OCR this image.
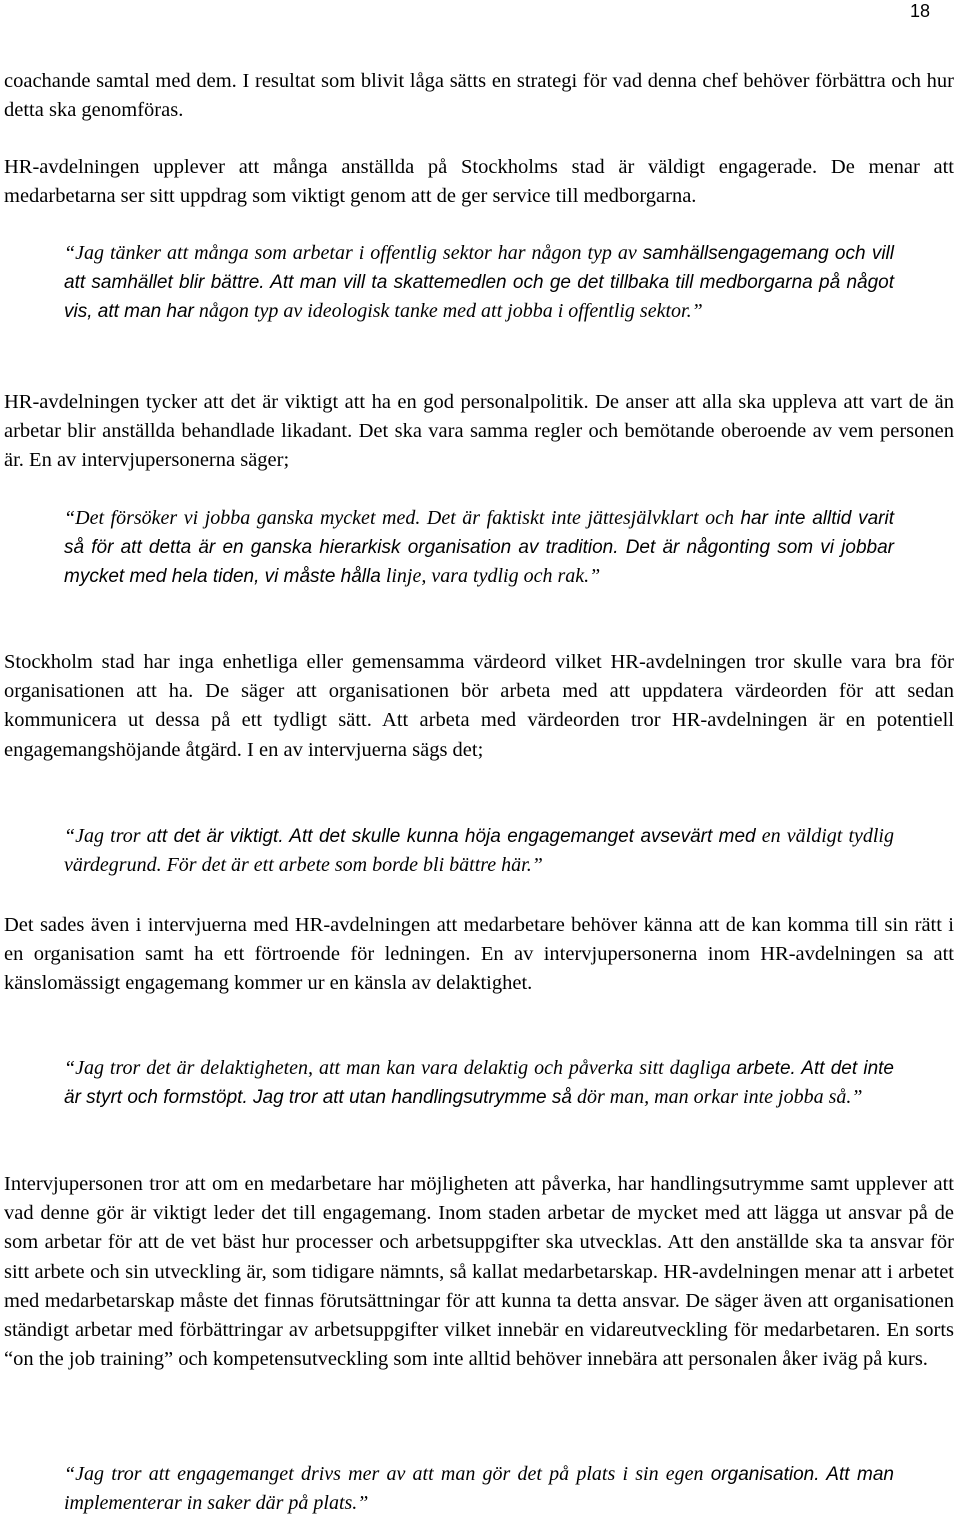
18

coachande samtal med dem. I resultat som blivit låga sätts en strategi för vad denna chef behöver förbättra och hur detta ska genomföras.

HR-avdelningen upplever att många anställda på Stockholms stad är väldigt engagerade. De menar att medarbetarna ser sitt uppdrag som viktigt genom att de ger service till medborgarna.

“Jag tänker att många som arbetar i offentlig sektor har någon typ av samhällsengagemang och vill att samhället blir bättre. Att man vill ta skattemedlen och ge det tillbaka till medborgarna på något vis, att man har någon typ av ideologisk tanke med att jobba i offentlig sektor.”

HR-avdelningen tycker att det är viktigt att ha en god personalpolitik. De anser att alla ska uppleva att vart de än arbetar blir anställda behandlade likadant. Det ska vara samma regler och bemötande oberoende av vem personen är. En av intervjupersonerna säger;

“Det försöker vi jobba ganska mycket med. Det är faktiskt inte jättesjälvklart och har inte alltid varit så för att detta är en ganska hierarkisk organisation av tradition. Det är någonting som vi jobbar mycket med hela tiden, vi måste hålla linje, vara tydlig och rak.”

Stockholm stad har inga enhetliga eller gemensamma värdeord vilket HR-avdelningen tror skulle vara bra för organisationen att ha. De säger att organisationen bör arbeta med att uppdatera värdeorden för att sedan kommunicera ut dessa på ett tydligt sätt. Att arbeta med värdeorden tror HR-avdelningen är en potentiell engagemangshöjande åtgärd. I en av intervjuerna sägs det;

“Jag tror att det är viktigt. Att det skulle kunna höja engagemanget avsevärt med en väldigt tydlig värdegrund. För det är ett arbete som borde bli bättre här.”

Det sades även i intervjuerna med HR-avdelningen att medarbetare behöver känna att de kan komma till sin rätt i en organisation samt ha ett förtroende för ledningen. En av intervjupersonerna inom HR-avdelningen sa att känslomässigt engagemang kommer ur en känsla av delaktighet.

“Jag tror det är delaktigheten, att man kan vara delaktig och påverka sitt dagliga arbete. Att det inte är styrt och formstöpt. Jag tror att utan handlingsutrymme så dör man, man orkar inte jobba så.”

Intervjupersonen tror att om en medarbetare har möjligheten att påverka, har handlingsutrymme samt upplever att vad denne gör är viktigt leder det till engagemang. Inom staden arbetar de mycket med att lägga ut ansvar på de som arbetar för att de vet bäst hur processer och arbetsuppgifter ska utvecklas. Att den anställde ska ta ansvar för sitt arbete och sin utveckling är, som tidigare nämnts, så kallat medarbetarskap. HR-avdelningen menar att i arbetet med medarbetarskap måste det finnas förutsättningar för att kunna ta detta ansvar. De säger även att organisationen ständigt arbetar med förbättringar av arbetsuppgifter vilket innebär en vidareutveckling för medarbetaren. En sorts “on the job training” och kompetensutveckling som inte alltid behöver innebära att personalen åker iväg på kurs.

“Jag tror att engagemanget drivs mer av att man gör det på plats i sin egen organisation. Att man implementerar in saker där på plats.”
